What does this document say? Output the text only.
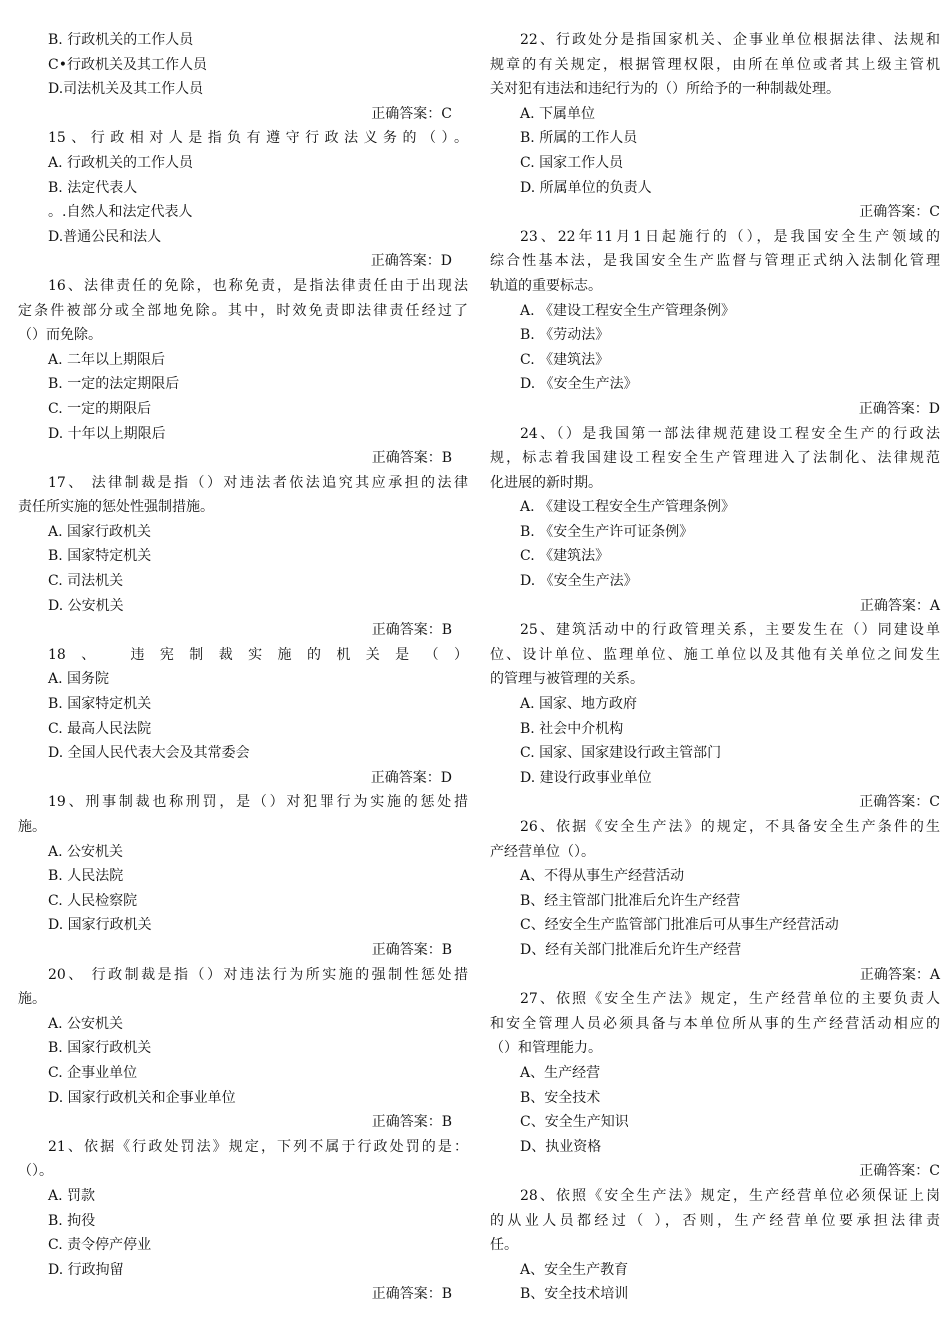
B. 行政机关的工作人员
C•行政机关及其工作人员
D.司法机关及其工作人员
正确答案：C
15、行政相对人是指负有遵守行政法义务的（）。
A. 行政机关的工作人员
B. 法定代表人
。.自然人和法定代表人
D.普通公民和法人
正确答案：D
16、法律责任的免除，也称免责，是指法律责任由于出现法
定条件被部分或全部地免除。其中，时效免责即法律责任经过了
（）而免除。
A. 二年以上期限后
B. 一定的法定期限后
C. 一定的期限后
D. 十年以上期限后
正确答案：B
17、 法律制裁是指（）对违法者依法追究其应承担的法律
责任所实施的惩处性强制措施。
A. 国家行政机关
B. 国家特定机关
C. 司法机关
D. 公安机关
正确答案：B
18、 违宪制裁实施的机关是（）
A. 国务院
B. 国家特定机关
C. 最高人民法院
D. 全国人民代表大会及其常委会
正确答案：D
19、刑事制裁也称刑罚，是（）对犯罪行为实施的惩处措
施。
A. 公安机关
B. 人民法院
C. 人民检察院
D. 国家行政机关
正确答案：B
20、 行政制裁是指（）对违法行为所实施的强制性惩处措
施。
A. 公安机关
B. 国家行政机关
C. 企事业单位
D. 国家行政机关和企事业单位
正确答案：B
21、依据《行政处罚法》规定，下列不属于行政处罚的是：
（）。
A. 罚款
B. 拘役
C. 责令停产停业
D. 行政拘留
正确答案：B
22、行政处分是指国家机关、企事业单位根据法律、法规和
规章的有关规定，根据管理权限，由所在单位或者其上级主管机
关对犯有违法和违纪行为的（）所给予的一种制裁处理。
A. 下属单位
B. 所属的工作人员
C. 国家工作人员
D. 所属单位的负责人
正确答案：C
23、22年11月1日起施行的（），是我国安全生产领域的
综合性基本法，是我国安全生产监督与管理正式纳入法制化管理
轨道的重要标志。
A. 《建设工程安全生产管理条例》
B. 《劳动法》
C. 《建筑法》
D. 《安全生产法》
正确答案：D
24、（）是我国第一部法律规范建设工程安全生产的行政法
规，标志着我国建设工程安全生产管理进入了法制化、法律规范
化进展的新时期。
A. 《建设工程安全生产管理条例》
B. 《安全生产许可证条例》
C. 《建筑法》
D. 《安全生产法》
正确答案：A
25、建筑活动中的行政管理关系，主要发生在（）同建设单
位、设计单位、监理单位、施工单位以及其他有关单位之间发生
的管理与被管理的关系。
A. 国家、地方政府
B. 社会中介机构
C. 国家、国家建设行政主管部门
D. 建设行政事业单位
正确答案：C
26、依据《安全生产法》的规定，不具备安全生产条件的生
产经营单位（）。
A、不得从事生产经营活动
B、经主管部门批准后允许生产经营
C、经安全生产监管部门批准后可从事生产经营活动
D、经有关部门批准后允许生产经营
正确答案：A
27、依照《安全生产法》规定，生产经营单位的主要负责人
和安全管理人员必须具备与本单位所从事的生产经营活动相应的
（）和管理能力。
A、生产经营
B、安全技术
C、安全生产知识
D、执业资格
正确答案：C
28、依照《安全生产法》规定，生产经营单位必须保证上岗
的从业人员都经过（ ），否则，生产经营单位要承担法律责
任。
A、安全生产教育
B、安全技术培训
